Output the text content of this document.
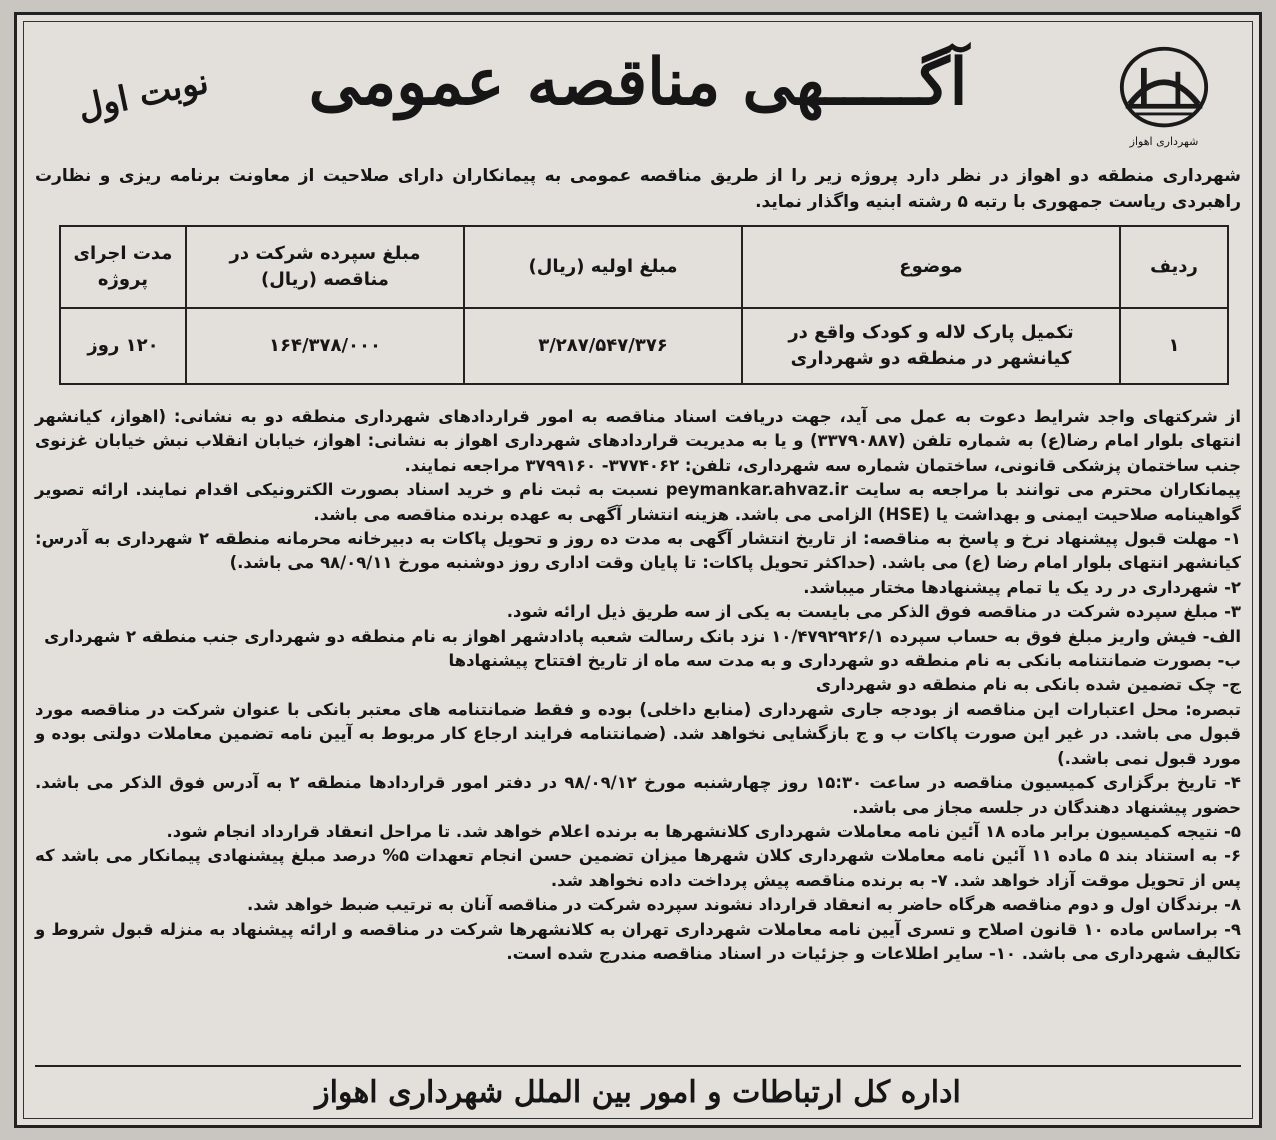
شهرداری اهواز
آگـــــهی مناقصه عمومی
نوبت اول
شهرداری منطقه دو اهواز در نظر دارد پروژه زیر را از طریق مناقصه عمومی به پیمانکاران دارای صلاحیت از معاونت برنامه ریزی و نظارت راهبردی ریاست جمهوری با رتبه ۵ رشته ابنیه واگذار نماید.
ردیف	موضوع	مبلغ اولیه (ریال)	مبلغ سپرده شرکت در مناقصه (ریال)	مدت اجرای پروژه
۱	تکمیل پارک لاله و کودک واقع در کیانشهر در منطقه دو شهرداری	۳/۲۸۷/۵۴۷/۳۷۶	۱۶۴/۳۷۸/۰۰۰	۱۲۰ روز

از شرکتهای واجد شرایط دعوت به عمل می آید، جهت دریافت اسناد مناقصه به امور قراردادهای شهرداری منطقه دو به نشانی: (اهواز، کیانشهر انتهای بلوار امام رضا(ع) به شماره تلفن (۳۳۷۹۰۸۸۷) و یا به مدیریت قراردادهای شهرداری اهواز به نشانی: اهواز، خیابان انقلاب نبش خیابان غزنوی جنب ساختمان پزشکی قانونی، ساختمان شماره سه شهرداری، تلفن: ۳۷۷۴۰۶۲- ۳۷۹۹۱۶۰ مراجعه نمایند.

پیمانکاران محترم می توانند با مراجعه به سایت peymankar.ahvaz.ir نسبت به ثبت نام و خرید اسناد بصورت الکترونیکی اقدام نمایند. ارائه تصویر گواهینامه صلاحیت ایمنی و بهداشت یا (HSE) الزامی می باشد. هزینه انتشار آگهی به عهده برنده مناقصه می باشد.

۱- مهلت قبول پیشنهاد نرخ و پاسخ به مناقصه: از تاریخ انتشار آگهی به مدت ده روز و تحویل پاکات به دبیرخانه محرمانه منطقه ۲ شهرداری به آدرس: کیانشهر انتهای بلوار امام رضا (ع) می باشد. (حداکثر تحویل پاکات: تا پایان وقت اداری روز دوشنبه مورخ ۹۸/۰۹/۱۱ می باشد.)

۲- شهرداری در رد یک یا تمام پیشنهادها مختار میباشد.

۳- مبلغ سپرده شرکت در مناقصه فوق الذکر می بایست به یکی از سه طریق ذیل ارائه شود.

الف- فیش واریز مبلغ فوق به حساب سپرده ۱۰/۴۷۹۲۹۲۶/۱ نزد بانک رسالت شعبه پادادشهر اهواز به نام منطقه دو شهرداری جنب منطقه ۲ شهرداری

ب- بصورت ضمانتنامه بانکی به نام منطقه دو شهرداری و به مدت سه ماه از تاریخ افتتاح پیشنهادها

ج- چک تضمین شده بانکی به نام منطقه دو شهرداری

تبصره: محل اعتبارات این مناقصه از بودجه جاری شهرداری (منابع داخلی) بوده و فقط ضمانتنامه های معتبر بانکی با عنوان شرکت در مناقصه مورد قبول می باشد. در غیر این صورت پاکات ب و ج بازگشایی نخواهد شد. (ضمانتنامه فرایند ارجاع کار مربوط به آیین نامه تضمین معاملات دولتی بوده و مورد قبول نمی باشد.)

۴- تاریخ برگزاری کمیسیون مناقصه در ساعت ۱۵:۳۰ روز چهارشنبه مورخ ۹۸/۰۹/۱۲ در دفتر امور قراردادها منطقه ۲ به آدرس فوق الذکر می باشد. حضور پیشنهاد دهندگان در جلسه مجاز می باشد.

۵- نتیجه کمیسیون برابر ماده ۱۸ آئین نامه معاملات شهرداری کلانشهرها به برنده اعلام خواهد شد. تا مراحل انعقاد قرارداد انجام شود.

۶- به استناد بند ۵ ماده ۱۱ آئین نامه معاملات شهرداری کلان شهرها میزان تضمین حسن انجام تعهدات ۵% درصد مبلغ پیشنهادی پیمانکار می باشد که پس از تحویل موقت آزاد خواهد شد. ۷- به برنده مناقصه پیش پرداخت داده نخواهد شد.

۸- برندگان اول و دوم مناقصه هرگاه حاضر به انعقاد قرارداد نشوند سپرده شرکت در مناقصه آنان به ترتیب ضبط خواهد شد.

۹- براساس ماده ۱۰ قانون اصلاح و تسری آیین نامه معاملات شهرداری تهران به کلانشهرها شرکت در مناقصه و ارائه پیشنهاد به منزله قبول شروط و تکالیف شهرداری می باشد. ۱۰- سایر اطلاعات و جزئیات در اسناد مناقصه مندرج شده است.

اداره کل ارتباطات و امور بین الملل شهرداری اهواز
